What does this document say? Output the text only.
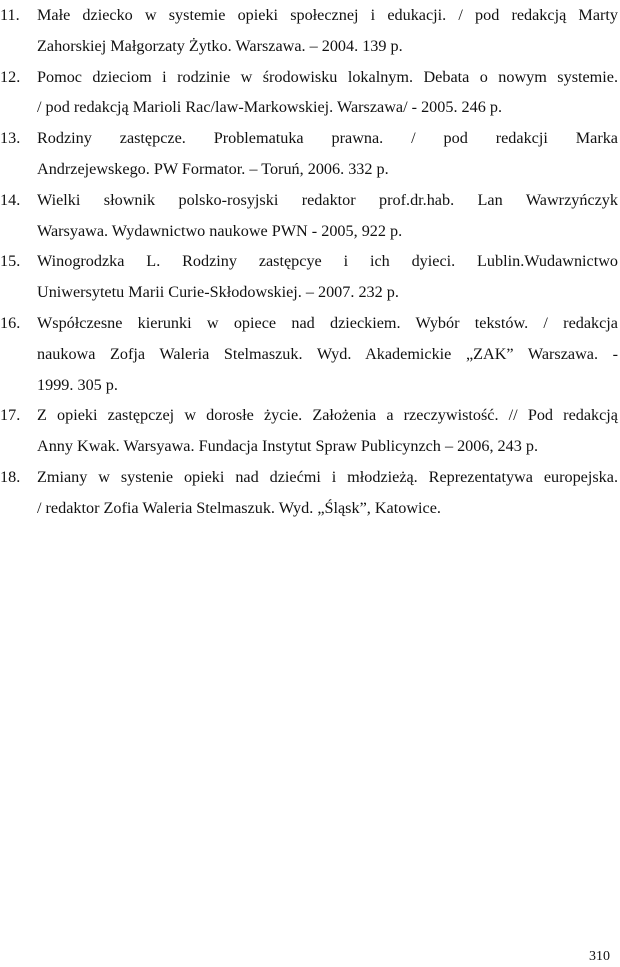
11.	Małe dziecko w systemie opieki społecznej i edukacji. / pod redakcją Marty
Zahorskiej Małgorzaty Żytko. Warszawa. – 2004. 139 p.
12.	Pomoc dzieciom i rodzinie w środowisku lokalnym. Debata o nowym systemie.
/ pod redakcją Marioli Rac/law-Markowskiej. Warszawa/ - 2005. 246 p.
13.	Rodziny zastępcze. Problematuka prawna. / pod redakcji Marka
Andrzejewskego. PW Formator. – Toruń, 2006. 332 p.
14.	Wielki słownik polsko-rosyjski redaktor prof.dr.hab. Lan Wawrzyńczyk
Warsyawa. Wydawnictwo naukowe PWN - 2005, 922 p.
15.	Winogrodzka L. Rodziny zastępcye i ich dyieci. Lublin.Wudawnictwo
Uniwersytetu Marii Curie-Skłodowskiej. – 2007. 232 p.
16.	Współczesne kierunki w opiece nad dzieckiem. Wybór tekstów. / redakcja
naukowa Zofja Waleria Stelmaszuk. Wyd. Akademickie „ZAK” Warszawa. -
1999. 305 p.
17.	Z opieki zastępczej w dorosłe życie. Założenia a rzeczywistość. // Pod redakcją
Anny Kwak. Warsyawa. Fundacja Instytut Spraw Publicynzch – 2006, 243 p.
18.	Zmiany w systenie opieki nad dziećmi i młodzieżą. Reprezentatywa europejska.
/ redaktor Zofia Waleria Stelmaszuk. Wyd. „Śląsk”, Katowice.
310
